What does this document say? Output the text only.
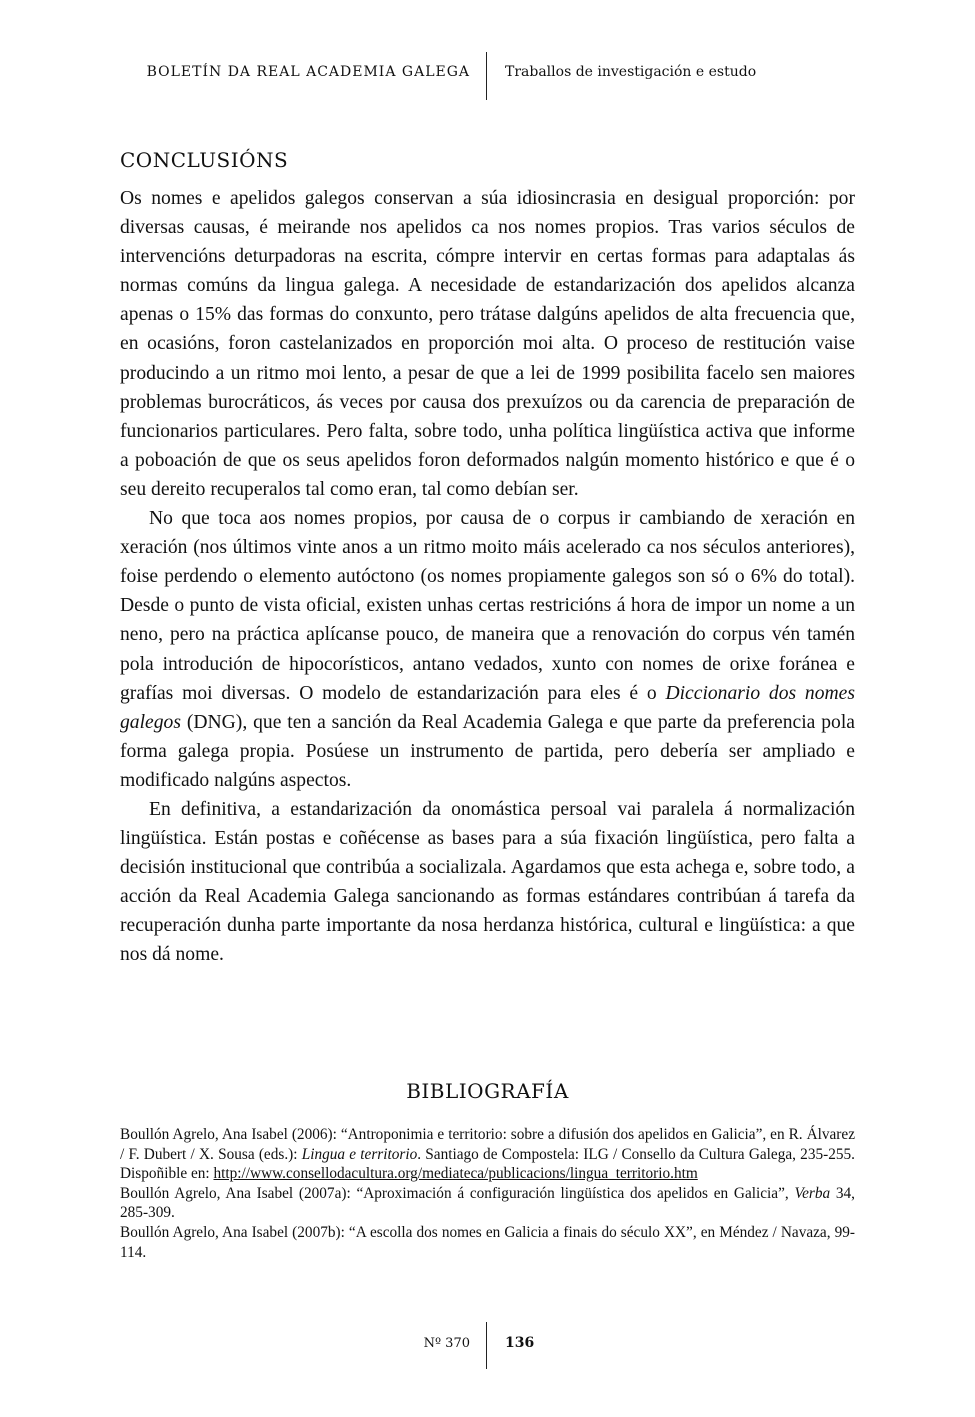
BOLETÍN DA REAL ACADEMIA GALEGA	Traballos de investigación e estudo
CONCLUSIÓNS

Os nomes e apelidos galegos conservan a súa idiosincrasia en desigual proporción: por diversas causas, é meirande nos apelidos ca nos nomes propios. Tras varios séculos de intervencións deturpadoras na escrita, cómpre intervir en certas formas para adaptalas ás normas comúns da lingua galega. A necesidade de estandarización dos apelidos alcanza apenas o 15% das formas do conxunto, pero trátase dalgúns apelidos de alta frecuencia que, en ocasións, foron castelanizados en proporción moi alta. O proceso de restitución vaise producindo a un ritmo moi lento, a pesar de que a lei de 1999 posibilita facelo sen maiores problemas burocráticos, ás veces por causa dos prexuízos ou da carencia de preparación de funcionarios particulares. Pero falta, sobre todo, unha política lingüística activa que informe a poboación de que os seus apelidos foron deformados nalgún momento histórico e que é o seu dereito recuperalos tal como eran, tal como debían ser.

No que toca aos nomes propios, por causa de o corpus ir cambiando de xeración en xeración (nos últimos vinte anos a un ritmo moito máis acelerado ca nos séculos anteriores), foise perdendo o elemento autóctono (os nomes propiamente galegos son só o 6% do total). Desde o punto de vista oficial, existen unhas certas restricións á hora de impor un nome a un neno, pero na práctica aplícanse pouco, de maneira que a renovación do corpus vén tamén pola introdución de hipocorísticos, antano vedados, xunto con nomes de orixe foránea e grafías moi diversas. O modelo de estandarización para eles é o Diccionario dos nomes galegos (DNG), que ten a sanción da Real Academia Galega e que parte da preferencia pola forma galega propia. Posúese un instrumento de partida, pero debería ser ampliado e modificado nalgúns aspectos.

En definitiva, a estandarización da onomástica persoal vai paralela á normalización lingüística. Están postas e coñécense as bases para a súa fixación lingüística, pero falta a decisión institucional que contribúa a socializala. Agardamos que esta achega e, sobre todo, a acción da Real Academia Galega sancionando as formas estándares contribúan á tarefa da recuperación dunha parte importante da nosa herdanza histórica, cultural e lingüística: a que nos dá nome.

BIBLIOGRAFÍA

Boullón Agrelo, Ana Isabel (2006): “Antroponimia e territorio: sobre a difusión dos apelidos en Galicia”, en R. Álvarez / F. Dubert / X. Sousa (eds.): Lingua e territorio. Santiago de Compostela: ILG / Consello da Cultura Galega, 235-255. Dispoñible en: http://www.consellodacultura.org/mediateca/publicacions/lingua_territorio.htm

Boullón Agrelo, Ana Isabel (2007a): “Aproximación á configuración lingüística dos apelidos en Galicia”, Verba 34, 285-309.

Boullón Agrelo, Ana Isabel (2007b): “A escolla dos nomes en Galicia a finais do século XX”, en Méndez / Navaza, 99-114.

Nº 370	136
